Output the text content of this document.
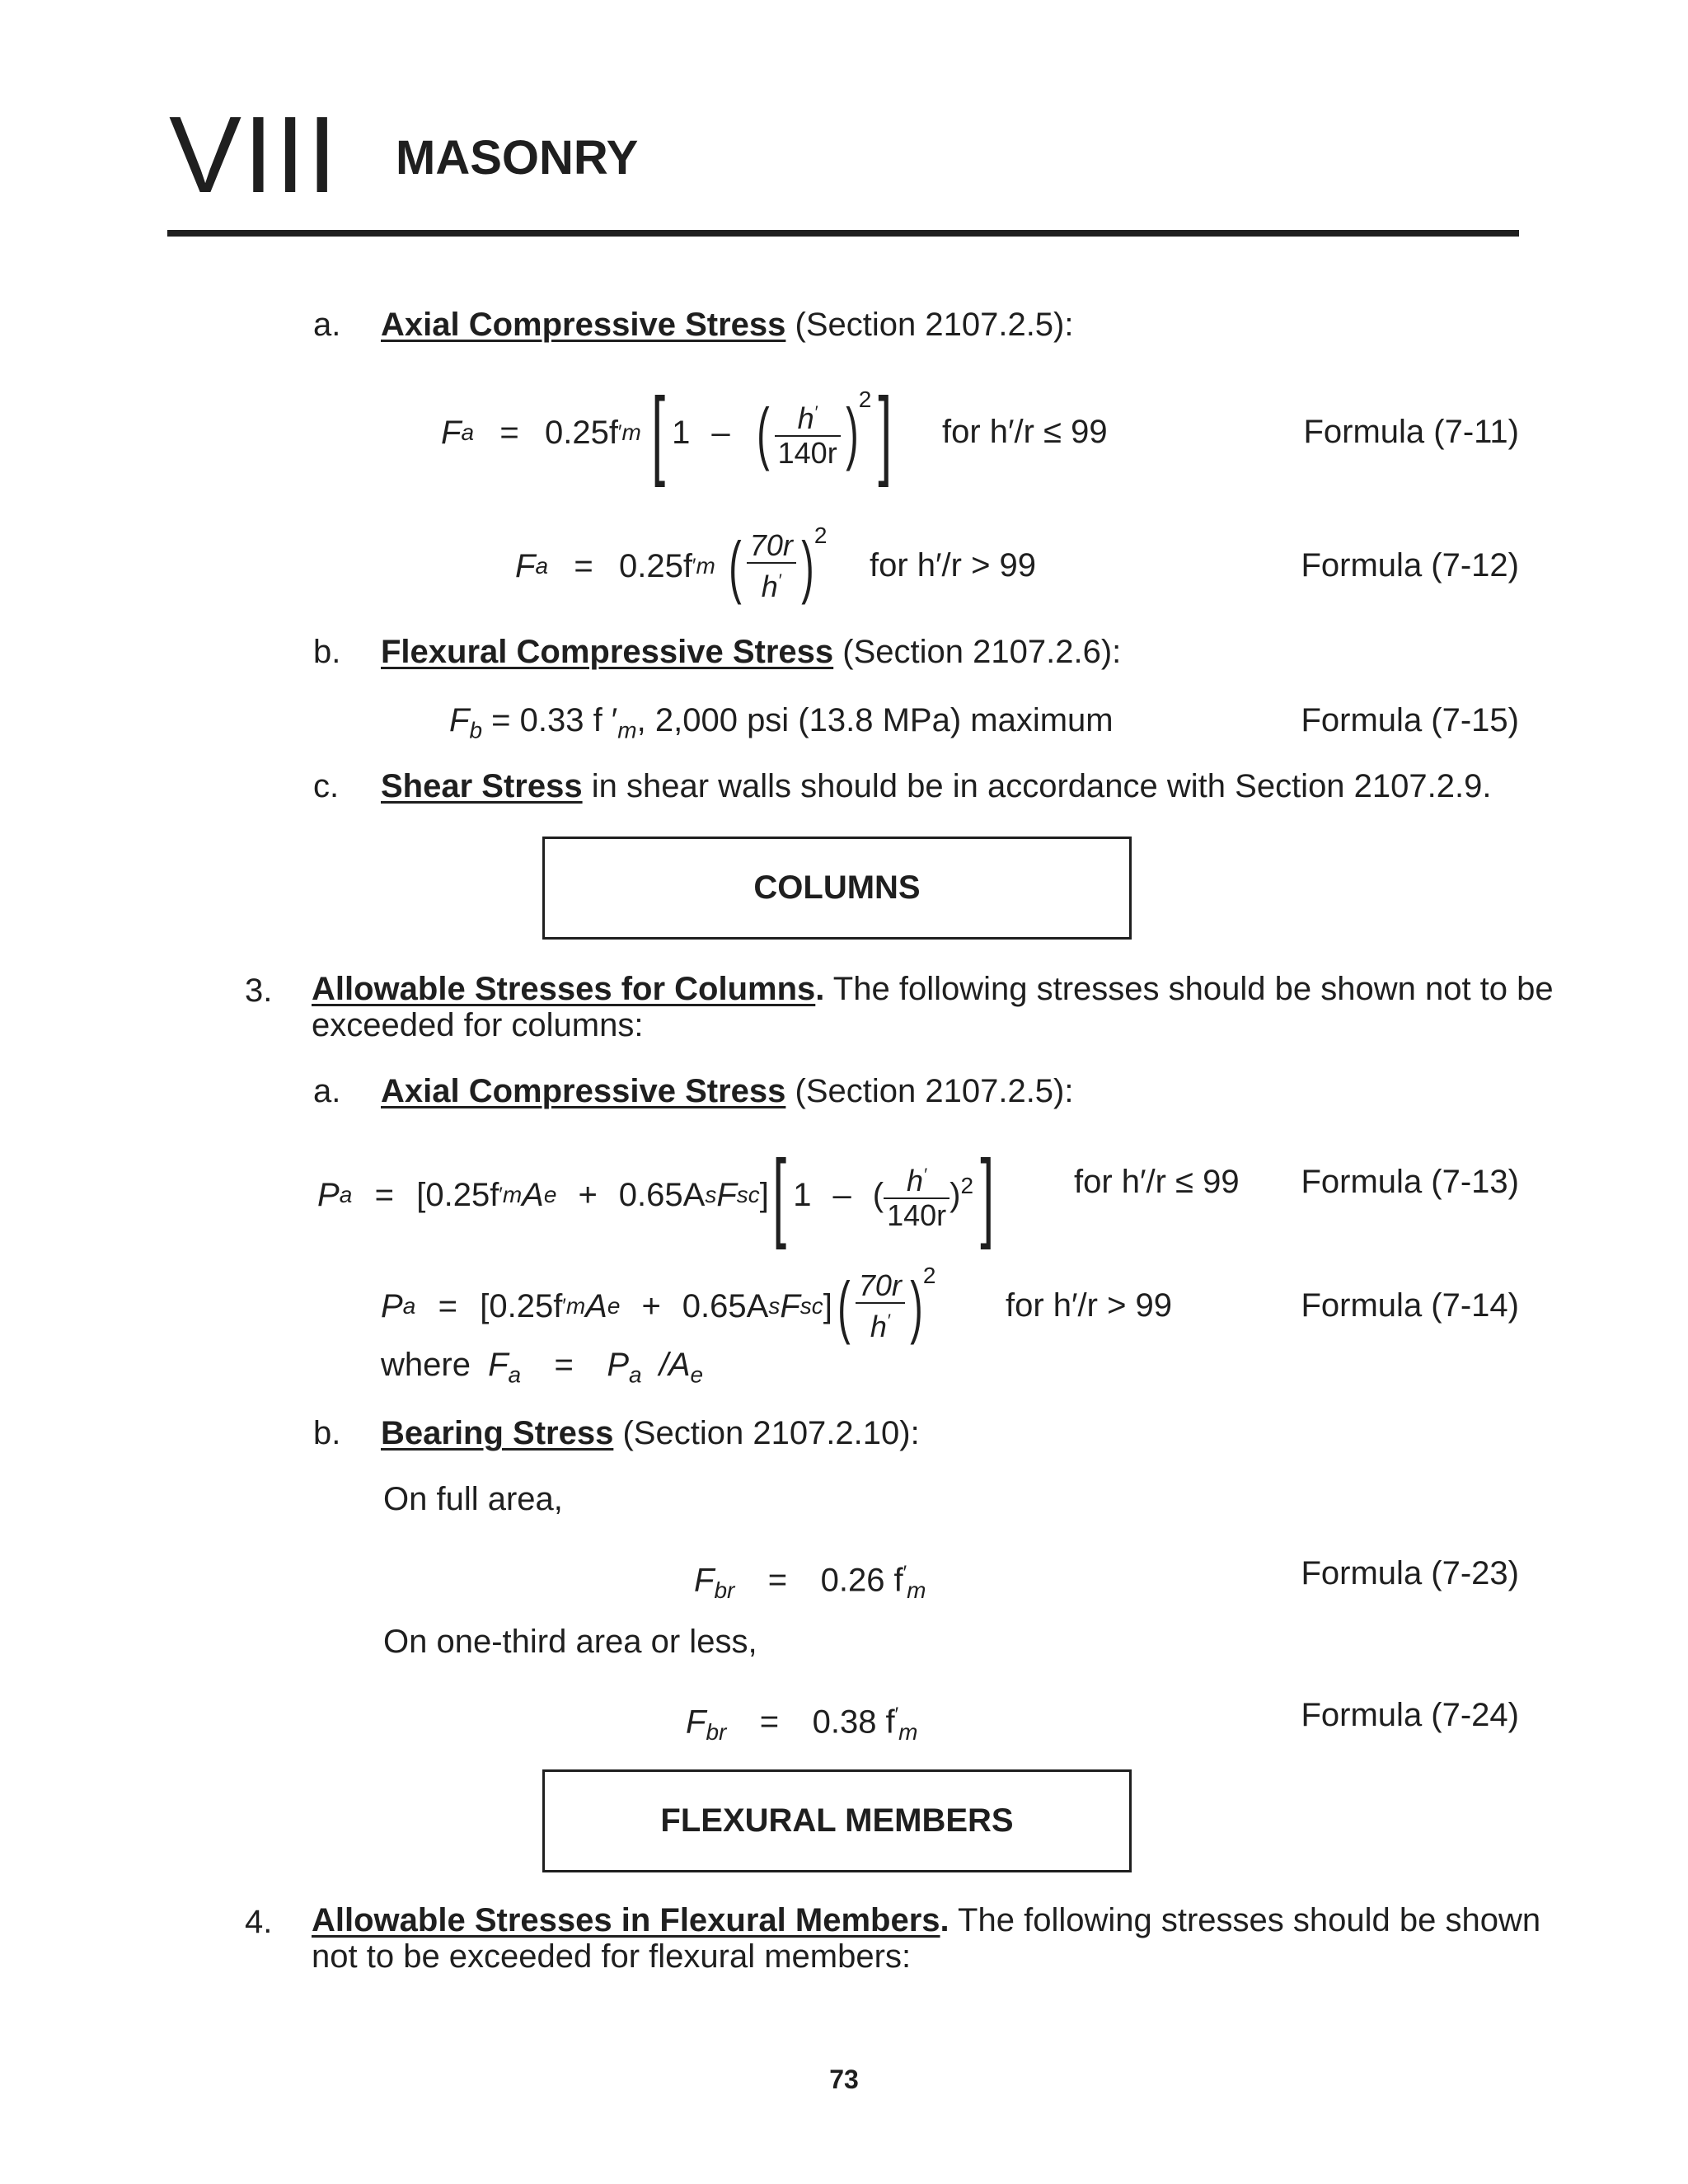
VIII MASONRY
a. Axial Compressive Stress (Section 2107.2.5):
F a = 0.25f ′ m [ 1 – ( $\frac{h'}{140r}$ ) 2 ] for h′/r ≤ 99	Formula (7-11)
F a = 0.25f ′ m ( $\frac{70r}{h'}$ ) 2
for h′/r > 99	Formula (7-12)
b. Flexural Compressive Stress (Section 2107.2.6):
$F_b = 0.33$ f $'_m$, 2,000 psi (13.8 MPa) maximum	Formula (7-15)
c. Shear Stress in shear walls should be in accordance with Section 2107.2.9.
COLUMNS
3. Allowable Stresses for Columns. The following stresses should be shown not to be
exceeded for columns:
a. Axial Compressive Stress (Section 2107.2.5):
P a = [0.25f ′ m A e + 0.65A s F sc ] [ 1 – ( $\frac{h'}{140r}$ ) 2 ] for h′/r ≤ 99 Formula (7-13)
P a = [0.25f ′ m A e + 0.65A s F sc ] ( $\frac{70r}{h'}$ ) 2
for h′/r > 99	Formula (7-14)
where $F_a = P_a$ $/A_e$
b. Bearing Stress (Section 2107.2.10):
On full area,
$F_{br} = 0.26$ $f'_m$	Formula (7-23)
On one-third area or less,
$F_{br} = 0.38$ $f'_m$	Formula (7-24)
FLEXURAL MEMBERS
4. Allowable Stresses in Flexural Members. The following stresses should be shown
not to be exceeded for flexural members:
73
